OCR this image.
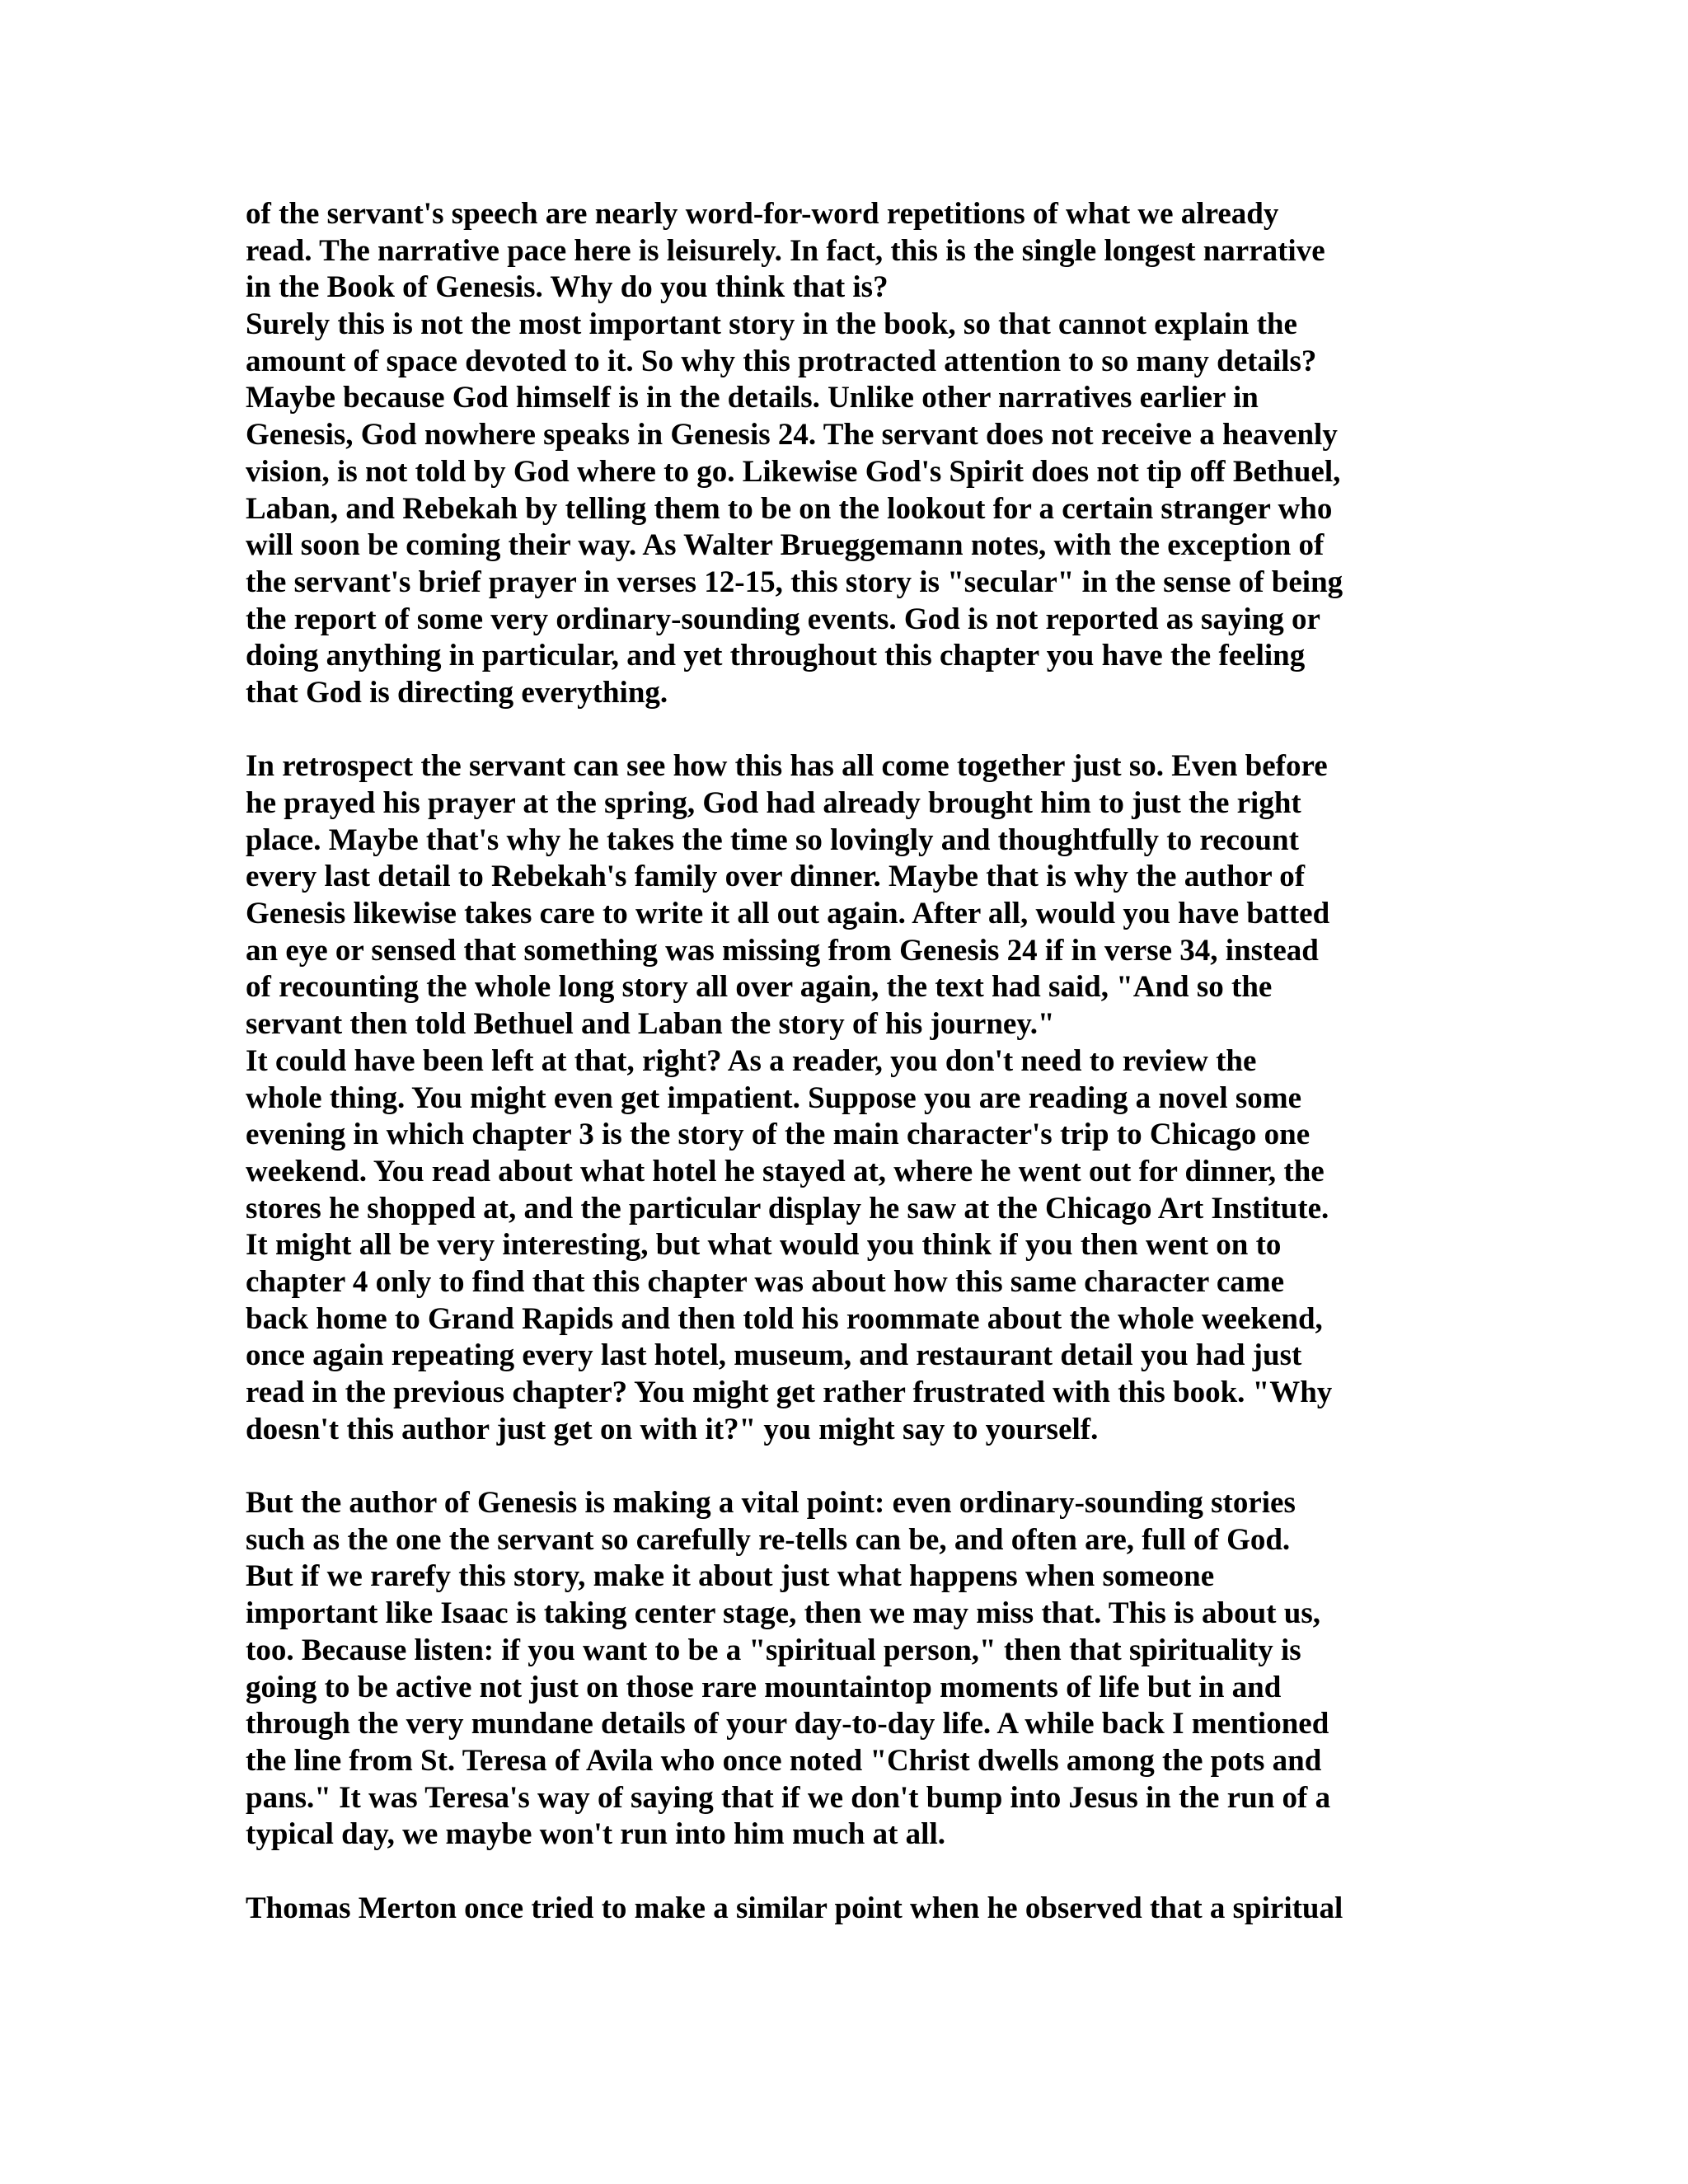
of the servant's speech are nearly word-for-word repetitions of what we already
read. The narrative pace here is leisurely. In fact, this is the single longest narrative
in the Book of Genesis. Why do you think that is?
Surely this is not the most important story in the book, so that cannot explain the
amount of space devoted to it. So why this protracted attention to so many details?
Maybe because God himself is in the details. Unlike other narratives earlier in
Genesis, God nowhere speaks in Genesis 24. The servant does not receive a heavenly
vision, is not told by God where to go. Likewise God's Spirit does not tip off Bethuel,
Laban, and Rebekah by telling them to be on the lookout for a certain stranger who
will soon be coming their way. As Walter Brueggemann notes, with the exception of
the servant's brief prayer in verses 12-15, this story is "secular" in the sense of being
the report of some very ordinary-sounding events. God is not reported as saying or
doing anything in particular, and yet throughout this chapter you have the feeling
that God is directing everything.
In retrospect the servant can see how this has all come together just so. Even before
he prayed his prayer at the spring, God had already brought him to just the right
place. Maybe that's why he takes the time so lovingly and thoughtfully to recount
every last detail to Rebekah's family over dinner. Maybe that is why the author of
Genesis likewise takes care to write it all out again. After all, would you have batted
an eye or sensed that something was missing from Genesis 24 if in verse 34, instead
of recounting the whole long story all over again, the text had said, "And so the
servant then told Bethuel and Laban the story of his journey."
It could have been left at that, right? As a reader, you don't need to review the
whole thing. You might even get impatient. Suppose you are reading a novel some
evening in which chapter 3 is the story of the main character's trip to Chicago one
weekend. You read about what hotel he stayed at, where he went out for dinner, the
stores he shopped at, and the particular display he saw at the Chicago Art Institute.
It might all be very interesting, but what would you think if you then went on to
chapter 4 only to find that this chapter was about how this same character came
back home to Grand Rapids and then told his roommate about the whole weekend,
once again repeating every last hotel, museum, and restaurant detail you had just
read in the previous chapter? You might get rather frustrated with this book. "Why
doesn't this author just get on with it?" you might say to yourself.
But the author of Genesis is making a vital point: even ordinary-sounding stories
such as the one the servant so carefully re-tells can be, and often are, full of God.
But if we rarefy this story, make it about just what happens when someone
important like Isaac is taking center stage, then we may miss that. This is about us,
too. Because listen: if you want to be a "spiritual person," then that spirituality is
going to be active not just on those rare mountaintop moments of life but in and
through the very mundane details of your day-to-day life. A while back I mentioned
the line from St. Teresa of Avila who once noted "Christ dwells among the pots and
pans." It was Teresa's way of saying that if we don't bump into Jesus in the run of a
typical day, we maybe won't run into him much at all.
Thomas Merton once tried to make a similar point when he observed that a spiritual
